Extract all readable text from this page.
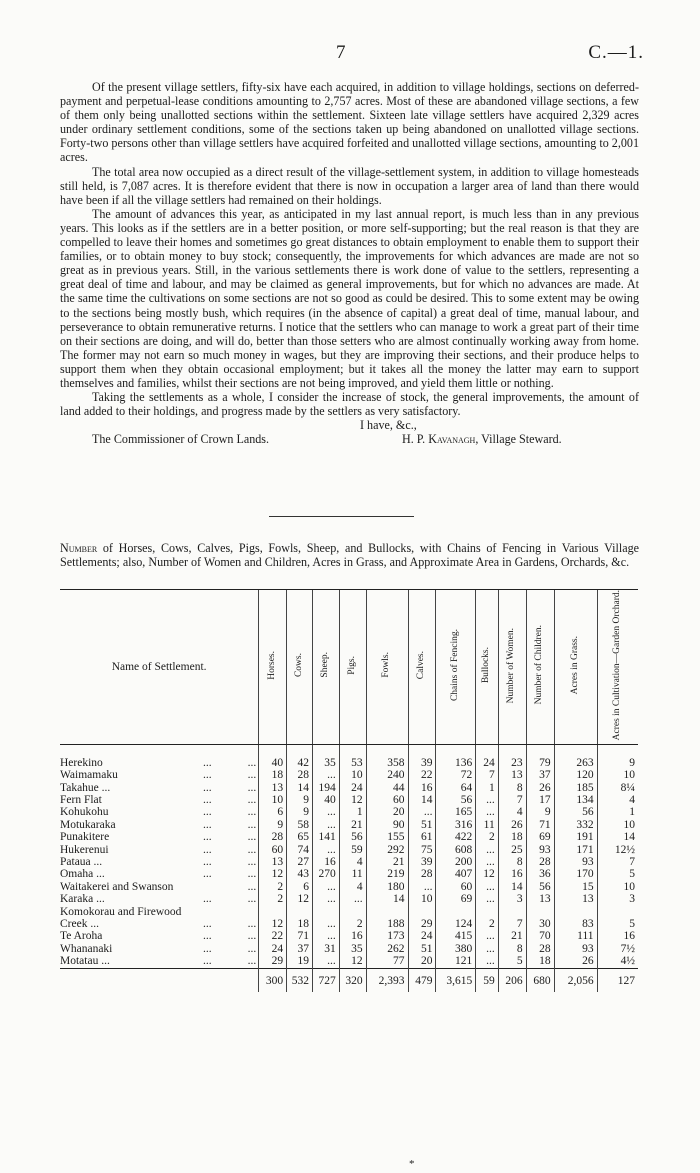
7	C.—1.

Of the present village settlers, fifty-six have each acquired, in addition to village holdings, sections on deferred-payment and perpetual-lease conditions amounting to 2,757 acres. Most of these are abandoned village sections, a few of them only being unallotted sections within the settlement. Sixteen late village settlers have acquired 2,329 acres under ordinary settlement conditions, some of the sections taken up being abandoned on unallotted village sections. Forty-two persons other than village settlers have acquired forfeited and unallotted village sections, amounting to 2,001 acres.

The total area now occupied as a direct result of the village-settlement system, in addition to village homesteads still held, is 7,087 acres. It is therefore evident that there is now in occupation a larger area of land than there would have been if all the village settlers had remained on their holdings.

The amount of advances this year, as anticipated in my last annual report, is much less than in any previous years. This looks as if the settlers are in a better position, or more self-supporting; but the real reason is that they are compelled to leave their homes and sometimes go great distances to obtain employment to enable them to support their families, or to obtain money to buy stock; consequently, the improvements for which advances are made are not so great as in previous years. Still, in the various settlements there is work done of value to the settlers, representing a great deal of time and labour, and may be claimed as general improvements, but for which no advances are made. At the same time the cultivations on some sections are not so good as could be desired. This to some extent may be owing to the sections being mostly bush, which requires (in the absence of capital) a great deal of time, manual labour, and perseverance to obtain remunerative returns. I notice that the settlers who can manage to work a great part of their time on their sections are doing, and will do, better than those setters who are almost continually working away from home. The former may not earn so much money in wages, but they are improving their sections, and their produce helps to support them when they obtain occasional employment; but it takes all the money the latter may earn to support themselves and families, whilst their sections are not being improved, and yield them little or nothing.

Taking the settlements as a whole, I consider the increase of stock, the general improvements, the amount of land added to their holdings, and progress made by the settlers as very satisfactory.

I have, &c.,
The Commissioner of Crown Lands.	H. P. Kavanagh, Village Steward.
Number of Horses, Cows, Calves, Pigs, Fowls, Sheep, and Bullocks, with Chains of Fencing in Various Village Settlements; also, Number of Women and Children, Acres in Grass, and Approximate Area in Gardens, Orchards, &c.
Name of Settlement.	Horses.	Cows.	Sheep.	Pigs.	Fowls.	Calves.	Chains of Fencing.	Bullocks.	Number of Women.	Number of Children.	Acres in Grass.	Acres in Cultivation—Garden Orchard.

Herekino ... ...	40	42	35	53	358	39	136	24	23	79	263	9

Waimamaku ... ...	18	28	...	10	240	22	72	7	13	37	120	10

Takahue ... ... ...	13	14	194	24	44	16	64	1	8	26	185	8¼

Fern Flat ... ...	10	9	40	12	60	14	56	...	7	17	134	4

Kohukohu ... ...	6	9	...	1	20	...	165	...	4	9	56	1

Motukaraka ... ...	9	58	...	21	90	51	316	11	26	71	332	10

Punakitere ... ...	28	65	141	56	155	61	422	2	18	69	191	14

Hukerenui ... ...	60	74	...	59	292	75	608	...	25	93	171	12½

Pataua ... ... ...	13	27	16	4	21	39	200	...	8	28	93	7

Omaha ... ... ...	12	43	270	11	219	28	407	12	16	36	170	5

Waitakerei and Swanson ...	2	6	...	4	180	...	60	...	14	56	15	10

Karaka ... ... ...	2	12	...	...	14	10	69	...	3	13	13	3

Komokorau and Firewood												

Creek ... ... ...	12	18	...	2	188	29	124	2	7	30	83	5

Te Aroha ... ...	22	71	...	16	173	24	415	...	21	70	111	16

Whananaki ... ...	24	37	31	35	262	51	380	...	8	28	93	7½

Motatau ... ... ...	29	19	...	12	77	20	121	...	5	18	26	4½
	300	532	727	320	2,393	479	3,615	59	206	680	2,056	127
*
